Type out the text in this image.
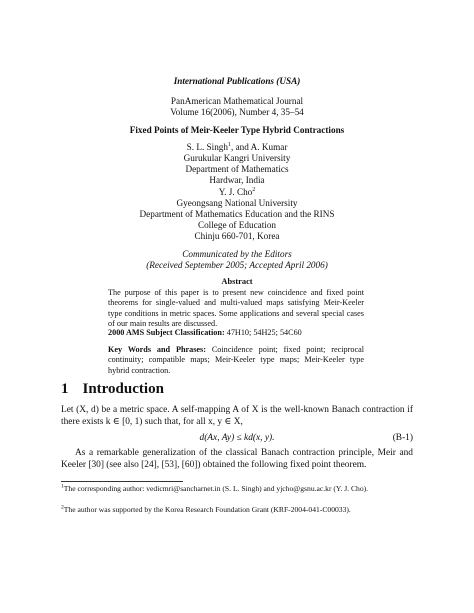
International Publications (USA)
PanAmerican Mathematical Journal
Volume 16(2006), Number 4, 35–54
Fixed Points of Meir-Keeler Type Hybrid Contractions
S. L. Singh$^1$, and A. Kumar
Gurukular Kangri University
Department of Mathematics
Hardwar, India
Y. J. Cho$^2$
Gyeongsang National University
Department of Mathematics Education and the RINS
College of Education
Chinju 660-701, Korea
Communicated by the Editors
(Received September 2005; Accepted April 2006)
Abstract
The purpose of this paper is to present new coincidence and fixed point theorems for single-valued and multi-valued maps satisfying Meir-Keeler type conditions in metric spaces. Some applications and several special cases of our main results are discussed.
2000 AMS Subject Classification: 47H10; 54H25; 54C60
Key Words and Phrases: Coincidence point; fixed point; reciprocal continuity; compatible maps; Meir-Keeler type maps; Meir-Keeler type hybrid contraction.
1 Introduction
Let (X, d) be a metric space. A self-mapping A of X is the well-known Banach contraction if there exists k ∈ [0, 1) such that, for all x, y ∈ X,
d(Ax, Ay) ≤ kd(x, y).	(B-1)
As a remarkable generalization of the classical Banach contraction principle, Meir and Keeler [30] (see also [24], [53], [60]) obtained the following fixed point theorem.
$^1$The corresponding author: vedicmri@sancharnet.in (S. L. Singh) and yjcho@gsnu.ac.kr (Y. J. Cho).
$^2$The author was supported by the Korea Research Foundation Grant (KRF-2004-041-C00033).
